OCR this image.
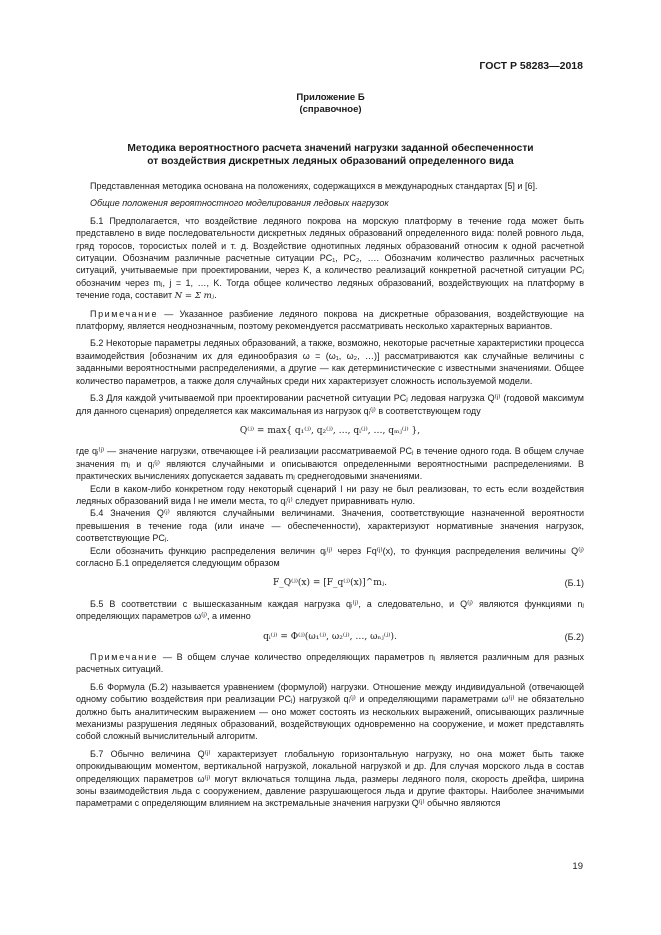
ГОСТ Р 58283—2018
Приложение Б
(справочное)
Методика вероятностного расчета значений нагрузки заданной обеспеченности
от воздействия дискретных ледяных образований определенного вида

Представленная методика основана на положениях, содержащихся в международных стандартах [5] и [6].

Общие положения вероятностного моделирования ледовых нагрузок

Б.1 Предполагается, что воздействие ледяного покрова на морскую платформу в течение года может быть представлено в виде последовательности дискретных ледяных образований определенного вида: полей ровного льда, гряд торосов, торосистых полей и т. д. Воздействие однотипных ледяных образований относим к одной расчетной ситуации. Обозначим различные расчетные ситуации PC₁, PC₂, …. Обозначим количество различных расчетных ситуаций, учитываемые при проектировании, через K, а количество реализаций конкретной расчетной ситуации PCⱼ обозначим через mⱼ, j = 1, …, K. Тогда общее количество ледяных образований, воздействующих на платформу в течение года, составит N = Σ mⱼ.

Примечание — Указанное разбиение ледяного покрова на дискретные образования, воздействующие на платформу, является неоднозначным, поэтому рекомендуется рассматривать несколько характерных вариантов.

Б.2 Некоторые параметры ледяных образований, а также, возможно, некоторые расчетные характеристики процесса взаимодействия [обозначим их для единообразия ω = (ω₁, ω₂, …)] рассматриваются как случайные величины с заданными вероятностными распределениями, а другие — как детерминистические с известными значениями. Общее количество параметров, а также доля случайных среди них характеризует сложность используемой модели.

Б.3 Для каждой учитываемой при проектировании расчетной ситуации PCⱼ ледовая нагрузка Q⁽ʲ⁾ (годовой максимум для данного сценария) определяется как максимальная из нагрузок qᵢ⁽ʲ⁾ в соответствующем году

Q⁽ʲ⁾ = max{ q₁⁽ʲ⁾, q₂⁽ʲ⁾, …, qᵢ⁽ʲ⁾, …, qₘⱼ⁽ʲ⁾ },

где qᵢ⁽ʲ⁾ — значение нагрузки, отвечающее i-й реализации рассматриваемой PCⱼ в течение одного года. В общем случае значения mⱼ и qᵢ⁽ʲ⁾ являются случайными и описываются определенными вероятностными распределениями. В практических вычислениях допускается задавать mⱼ среднегодовыми значениями.

Если в каком-либо конкретном году некоторый сценарий l ни разу не был реализован, то есть если воздействия ледяных образований вида l не имели места, то qᵢ⁽ʲ⁾ следует приравнивать нулю.

Б.4 Значения Q⁽ʲ⁾ являются случайными величинами. Значения, соответствующие назначенной вероятности превышения в течение года (или иначе — обеспеченности), характеризуют нормативные значения нагрузок, соответствующие PCⱼ.

Если обозначить функцию распределения величин qᵢ⁽ʲ⁾ через Fq⁽ʲ⁾(x), то функция распределения величины Q⁽ʲ⁾ согласно Б.1 определяется следующим образом

F_Q⁽ʲ⁾(x) = [F_q⁽ʲ⁾(x)]^mⱼ.	(Б.1)

Б.5 В соответствии с вышесказанным каждая нагрузка qᵢ⁽ʲ⁾, а следовательно, и Q⁽ʲ⁾ являются функциями nⱼ определяющих параметров ω⁽ʲ⁾, а именно

qᵢ⁽ʲ⁾ = Φ⁽ʲ⁾(ω₁⁽ʲ⁾, ω₂⁽ʲ⁾, …, ωₙⱼ⁽ʲ⁾).	(Б.2)

Примечание — В общем случае количество определяющих параметров nⱼ является различным для разных расчетных ситуаций.

Б.6 Формула (Б.2) называется уравнением (формулой) нагрузки. Отношение между индивидуальной (отвечающей одному событию воздействия при реализации PCⱼ) нагрузкой qᵢ⁽ʲ⁾ и определяющими параметрами ω⁽ʲ⁾ не обязательно должно быть аналитическим выражением — оно может состоять из нескольких выражений, описывающих различные механизмы разрушения ледяных образований, воздействующих одновременно на сооружение, и может представлять собой сложный вычислительный алгоритм.

Б.7 Обычно величина Q⁽ʲ⁾ характеризует глобальную горизонтальную нагрузку, но она может быть также опрокидывающим моментом, вертикальной нагрузкой, локальной нагрузкой и др. Для случая морского льда в состав определяющих параметров ω⁽ʲ⁾ могут включаться толщина льда, размеры ледяного поля, скорость дрейфа, ширина зоны взаимодействия льда с сооружением, давление разрушающегося льда и другие факторы. Наиболее значимыми параметрами с определяющим влиянием на экстремальные значения нагрузки Q⁽ʲ⁾ обычно являются

19
